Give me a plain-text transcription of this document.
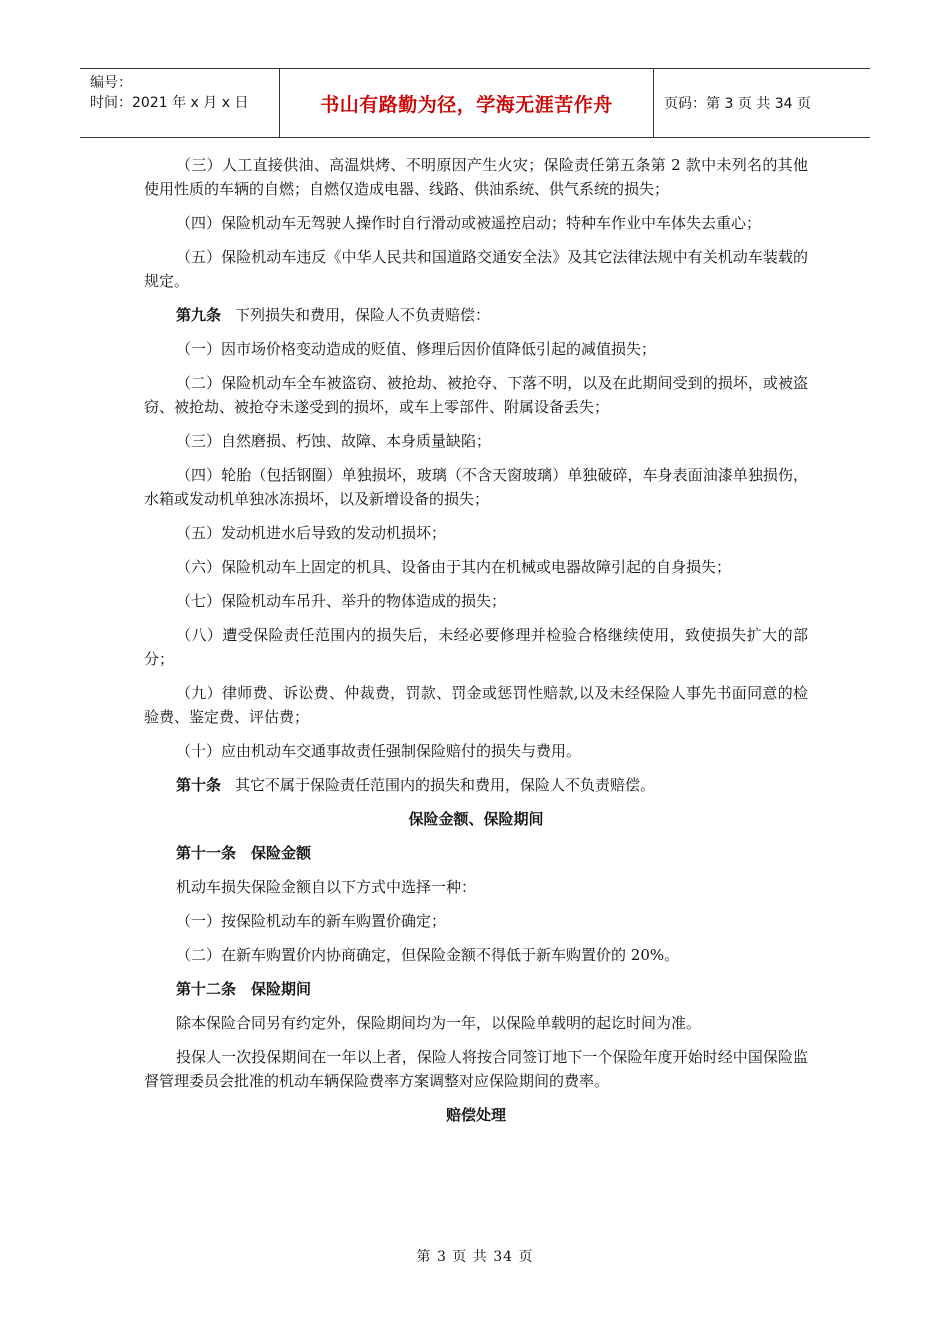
编号：
时间：2021 年 x 月 x 日	书山有路勤为径，学海无涯苦作舟	页码：第 3 页 共 34 页

（三）人工直接供油、高温烘烤、不明原因产生火灾；保险责任第五条第 2 款中未列名的其他使用性质的车辆的自燃；自燃仅造成电器、线路、供油系统、供气系统的损失；

（四）保险机动车无驾驶人操作时自行滑动或被遥控启动；特种车作业中车体失去重心；

（五）保险机动车违反《中华人民共和国道路交通安全法》及其它法律法规中有关机动车装载的规定。

第九条 下列损失和费用，保险人不负责赔偿：

（一）因市场价格变动造成的贬值、修理后因价值降低引起的减值损失；

（二）保险机动车全车被盗窃、被抢劫、被抢夺、下落不明，以及在此期间受到的损坏，或被盗窃、被抢劫、被抢夺未遂受到的损坏，或车上零部件、附属设备丢失；

（三）自然磨损、朽蚀、故障、本身质量缺陷；

（四）轮胎（包括钢圈）单独损坏，玻璃（不含天窗玻璃）单独破碎，车身表面油漆单独损伤，水箱或发动机单独冰冻损坏，以及新增设备的损失；

（五）发动机进水后导致的发动机损坏；

（六）保险机动车上固定的机具、设备由于其内在机械或电器故障引起的自身损失；

（七）保险机动车吊升、举升的物体造成的损失；

（八）遭受保险责任范围内的损失后，未经必要修理并检验合格继续使用，致使损失扩大的部分；

（九）律师费、诉讼费、仲裁费，罚款、罚金或惩罚性赔款,以及未经保险人事先书面同意的检验费、鉴定费、评估费；

（十）应由机动车交通事故责任强制保险赔付的损失与费用。

第十条 其它不属于保险责任范围内的损失和费用，保险人不负责赔偿。

保险金额、保险期间
第十一条　保险金额

机动车损失保险金额自以下方式中选择一种：

（一）按保险机动车的新车购置价确定；

（二）在新车购置价内协商确定，但保险金额不得低于新车购置价的 20%。

第十二条　保险期间

除本保险合同另有约定外，保险期间均为一年，以保险单载明的起讫时间为准。

投保人一次投保期间在一年以上者，保险人将按合同签订地下一个保险年度开始时经中国保险监督管理委员会批准的机动车辆保险费率方案调整对应保险期间的费率。

赔偿处理
第 3 页 共 34 页
